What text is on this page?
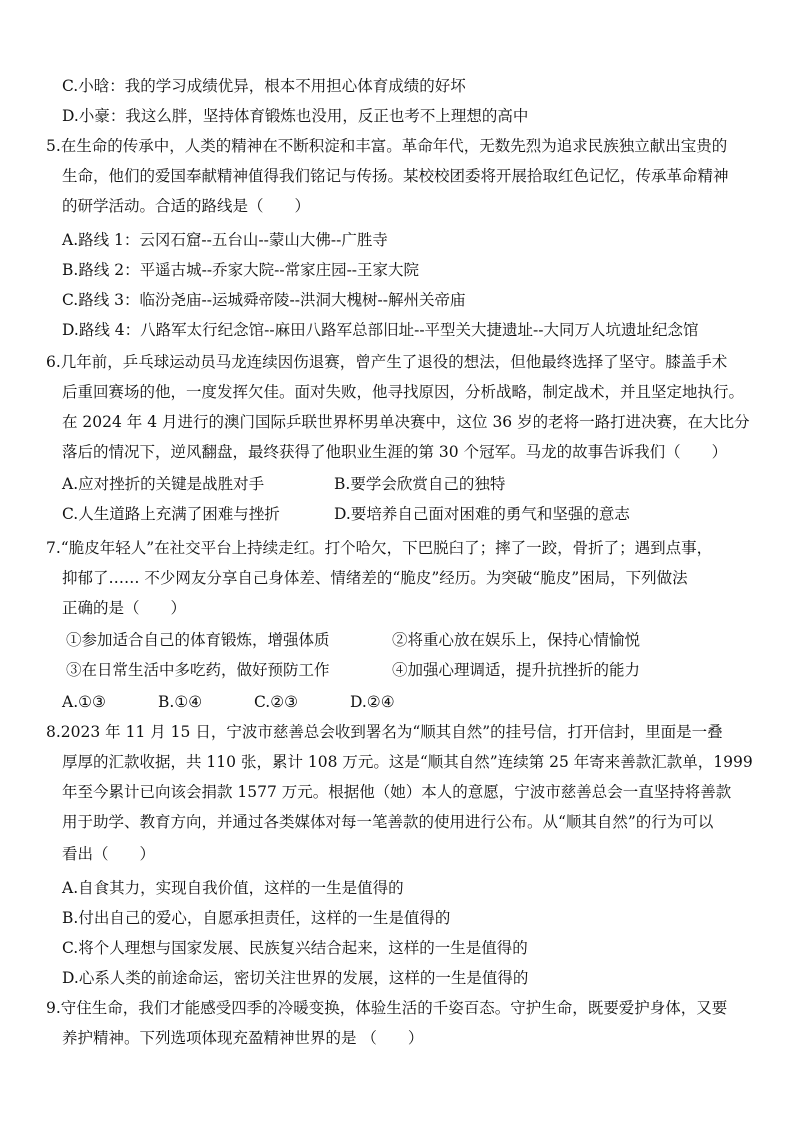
C.小晗：我的学习成绩优异，根本不用担心体育成绩的好坏
D.小豪：我这么胖，坚持体育锻炼也没用，反正也考不上理想的高中
5.在生命的传承中，人类的精神在不断积淀和丰富。革命年代，无数先烈为追求民族独立献出宝贵的
生命，他们的爱国奉献精神值得我们铭记与传扬。某校校团委将开展拾取红色记忆，传承革命精神
的研学活动。合适的路线是（　　）
A.路线 1：云冈石窟--五台山--蒙山大佛--广胜寺
B.路线 2：平遥古城--乔家大院--常家庄园--王家大院
C.路线 3：临汾尧庙--运城舜帝陵--洪洞大槐树--解州关帝庙
D.路线 4：八路军太行纪念馆--麻田八路军总部旧址--平型关大捷遗址--大同万人坑遗址纪念馆
6.几年前，乒乓球运动员马龙连续因伤退赛，曾产生了退役的想法，但他最终选择了坚守。膝盖手术
后重回赛场的他，一度发挥欠佳。面对失败，他寻找原因，分析战略，制定战术，并且坚定地执行。
在 2024 年 4 月进行的澳门国际乒联世界杯男单决赛中，这位 36 岁的老将一路打进决赛，在大比分
落后的情况下，逆风翻盘，最终获得了他职业生涯的第 30 个冠军。马龙的故事告诉我们（　　）
A.应对挫折的关键是战胜对手	B.要学会欣赏自己的独特
C.人生道路上充满了困难与挫折	D.要培养自己面对困难的勇气和坚强的意志
7.“脆皮年轻人”在社交平台上持续走红。打个哈欠，下巴脱臼了；摔了一跤，骨折了；遇到点事，
抑郁了…… 不少网友分享自己身体差、情绪差的“脆皮”经历。为突破“脆皮”困局，下列做法
正确的是（　　）
①参加适合自己的体育锻炼，增强体质	②将重心放在娱乐上，保持心情愉悦
③在日常生活中多吃药，做好预防工作	④加强心理调适，提升抗挫折的能力
A.①③	B.①④	C.②③	D.②④
8.2023 年 11 月 15 日，宁波市慈善总会收到署名为“顺其自然”的挂号信，打开信封，里面是一叠
厚厚的汇款收据，共 110 张，累计 108 万元。这是“顺其自然”连续第 25 年寄来善款汇款单，1999
年至今累计已向该会捐款 1577 万元。根据他（她）本人的意愿，宁波市慈善总会一直坚持将善款
用于助学、教育方向，并通过各类媒体对每一笔善款的使用进行公布。从“顺其自然”的行为可以
看出（　　）
A.自食其力，实现自我价值，这样的一生是值得的
B.付出自己的爱心，自愿承担责任，这样的一生是值得的
C.将个人理想与国家发展、民族复兴结合起来，这样的一生是值得的
D.心系人类的前途命运，密切关注世界的发展，这样的一生是值得的
9.守住生命，我们才能感受四季的冷暖变换，体验生活的千姿百态。守护生命，既要爱护身体，又要
养护精神。下列选项体现充盈精神世界的是 （　　）
